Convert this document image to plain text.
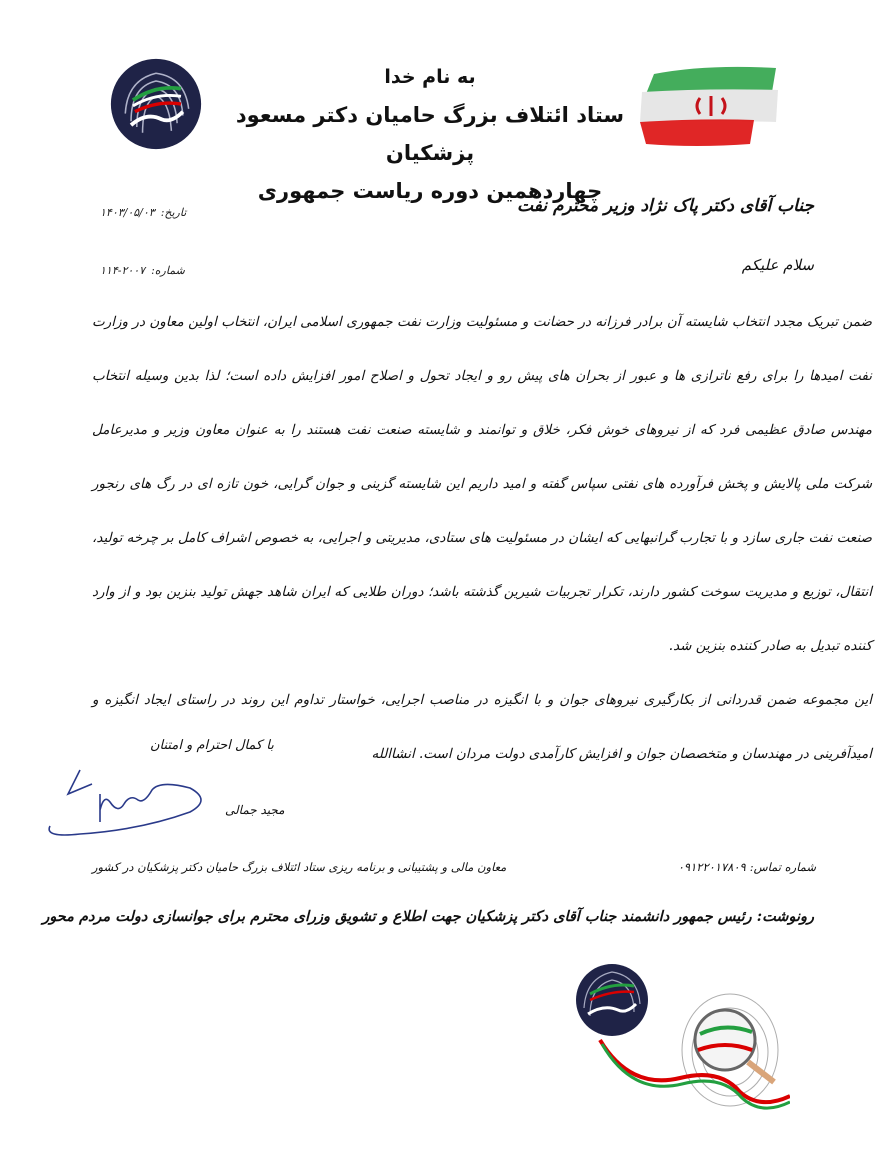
به نام خدا
ستاد ائتلاف بزرگ حامیان دکتر مسعود پزشکیان
چهاردهمین دوره ریاست جمهوری
جناب آقای دکتر پاک نژاد وزیر محترم نفت
سلام علیکم
تاریخ:
۱۴۰۳/۰۵/۰۳
شماره:
۱۱۴-۲۰۰۷

ضمن تبریک مجدد انتخاب شایسته آن برادر فرزانه در حضانت و مسئولیت وزارت نفت جمهوری اسلامی ایران، انتخاب اولین معاون در وزارت نفت امیدها را برای رفع ناترازی ها و عبور از بحران های پیش رو و ایجاد تحول و اصلاح امور افزایش داده است؛ لذا بدین وسیله انتخاب مهندس صادق عظیمی فرد که از نیروهای خوش فکر، خلاق و توانمند و شایسته صنعت نفت هستند را به عنوان معاون وزیر و مدیرعامل شرکت ملی پالایش و پخش فرآورده های نفتی سپاس گفته و امید داریم این شایسته گزینی و جوان گرایی، خون تازه ای در رگ های رنجور صنعت نفت جاری سازد و با تجارب گرانبهایی که ایشان در مسئولیت های ستادی، مدیریتی و اجرایی، به خصوص اشراف کامل بر چرخه تولید، انتقال، توزیع و مدیریت سوخت کشور دارند، تکرار تجربیات شیرین گذشته باشد؛ دوران طلایی که ایران شاهد جهش تولید بنزین بود و از وارد کننده تبدیل به صادر کننده بنزین شد.

این مجموعه ضمن قدردانی از بکارگیری نیروهای جوان و با انگیزه در مناصب اجرایی، خواستار تداوم این روند در راستای ایجاد انگیزه و امیدآفرینی در مهندسان و متخصصان جوان و افزایش کارآمدی دولت مردان است. انشاالله

با کمال احترام و امتنان
مجید جمالی
معاون مالی و پشتیبانی و برنامه ریزی ستاد ائتلاف بزرگ حامیان دکتر پزشکیان در کشور	شماره تماس:
۰۹۱۲۲۰۱۷۸۰۹
رونوشت: رئیس جمهور دانشمند جناب آقای دکتر پزشکیان جهت اطلاع و تشویق وزرای محترم برای جوانسازی دولت مردم محور
